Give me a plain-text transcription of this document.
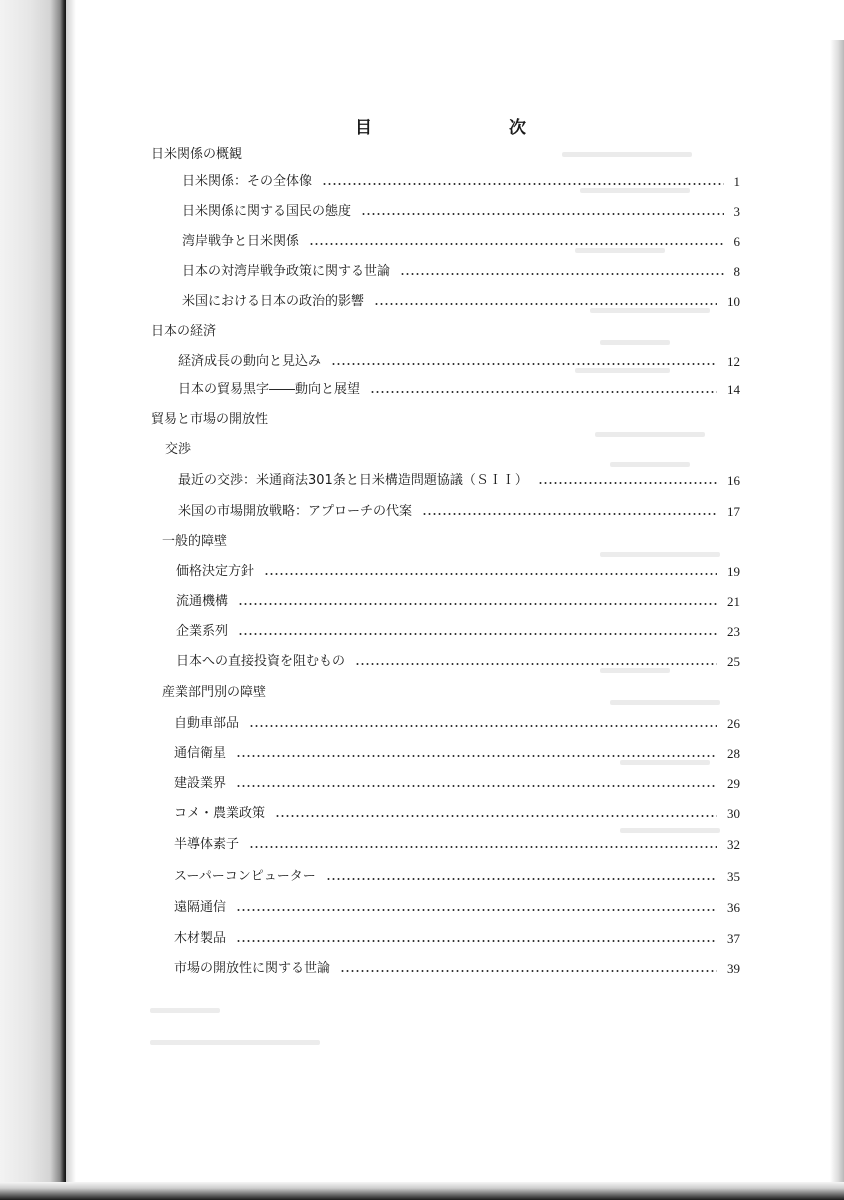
目　次
日米関係の概観
日米関係：その全体像	1
日米関係に関する国民の態度	3
湾岸戦争と日米関係	6
日本の対湾岸戦争政策に関する世論	8
米国における日本の政治的影響	10
日本の経済
経済成長の動向と見込み	12
日本の貿易黒字――動向と展望	14
貿易と市場の開放性
交渉
最近の交渉：米通商法301条と日米構造問題協議（ＳＩＩ）	16
米国の市場開放戦略：アプローチの代案	17
一般的障壁
価格決定方針	19
流通機構	21
企業系列	23
日本への直接投資を阻むもの	25
産業部門別の障壁
自動車部品	26
通信衛星	28
建設業界	29
コメ・農業政策	30
半導体素子	32
スーパーコンピューター	35
遠隔通信	36
木材製品	37
市場の開放性に関する世論	39
